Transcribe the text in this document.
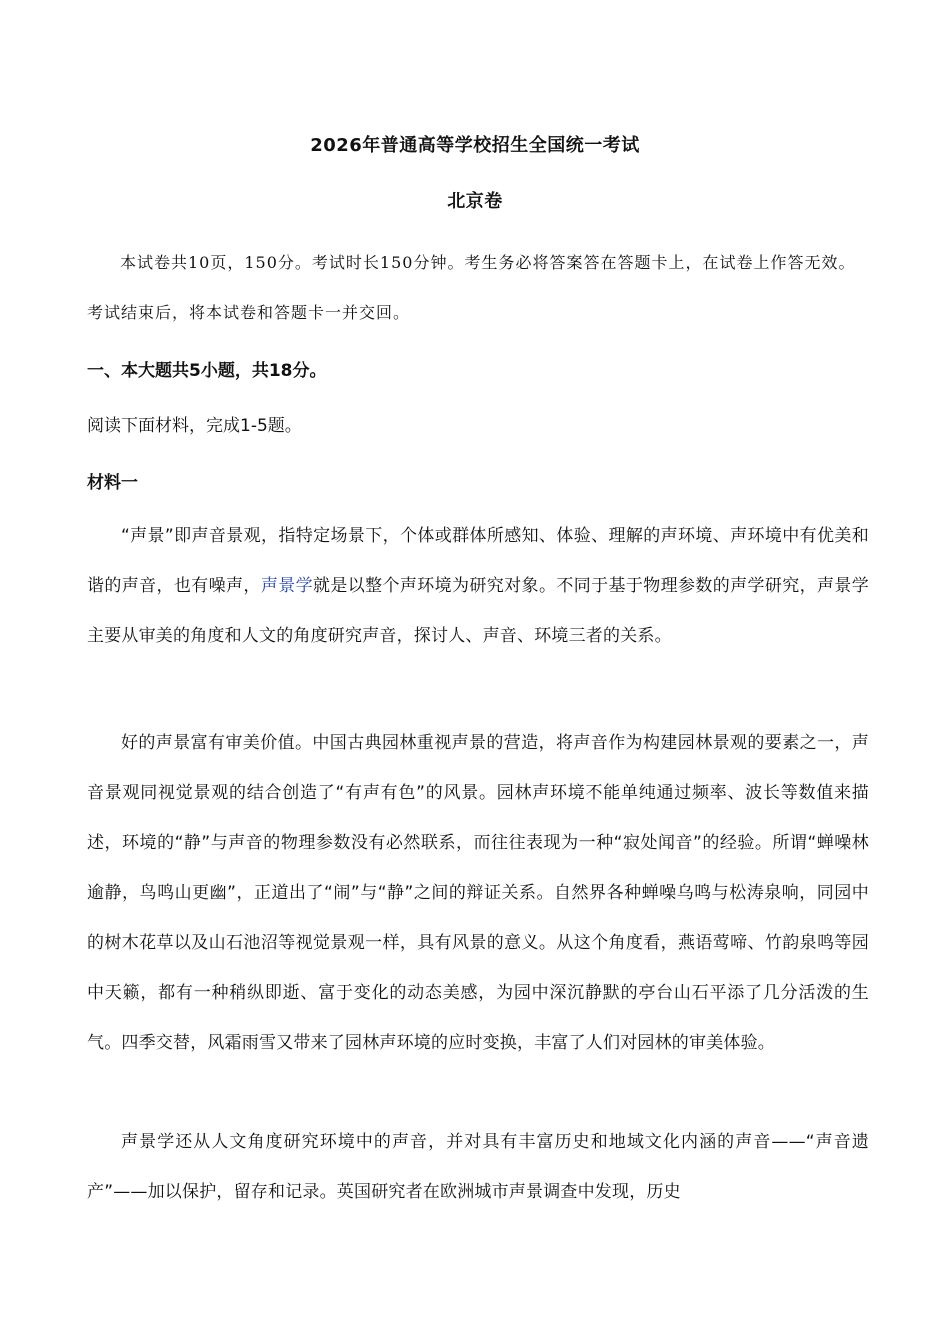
2026年普通高等学校招生全国统一考试
北京卷

本试卷共10页，150分。考试时长150分钟。考生务必将答案答在答题卡上，在试卷上作答无效。考试结束后，将本试卷和答题卡一并交回。

一、本大题共5小题，共18分。

阅读下面材料，完成1-5题。

材料一

“声景”即声音景观，指特定场景下，个体或群体所感知、体验、理解的声环境、声环境中有优美和谐的声音，也有噪声，声景学就是以整个声环境为研究对象。不同于基于物理参数的声学研究，声景学主要从审美的角度和人文的角度研究声音，探讨人、声音、环境三者的关系。

好的声景富有审美价值。中国古典园林重视声景的营造，将声音作为构建园林景观的要素之一，声音景观同视觉景观的结合创造了“有声有色”的风景。园林声环境不能单纯通过频率、波长等数值来描述，环境的“静”与声音的物理参数没有必然联系，而往往表现为一种“寂处闻音”的经验。所谓“蝉噪林逾静，鸟鸣山更幽”，正道出了“闹”与“静”之间的辩证关系。自然界各种蝉噪乌鸣与松涛泉响，同园中的树木花草以及山石池沼等视觉景观一样，具有风景的意义。从这个角度看，燕语莺啼、竹韵泉鸣等园中天籁，都有一种稍纵即逝、富于变化的动态美感，为园中深沉静默的亭台山石平添了几分活泼的生气。四季交替，风霜雨雪又带来了园林声环境的应时变换，丰富了人们对园林的审美体验。

声景学还从人文角度研究环境中的声音，并对具有丰富历史和地域文化内涵的声音——“声音遗产”——加以保护，留存和记录。英国研究者在欧洲城市声景调查中发现，历史
